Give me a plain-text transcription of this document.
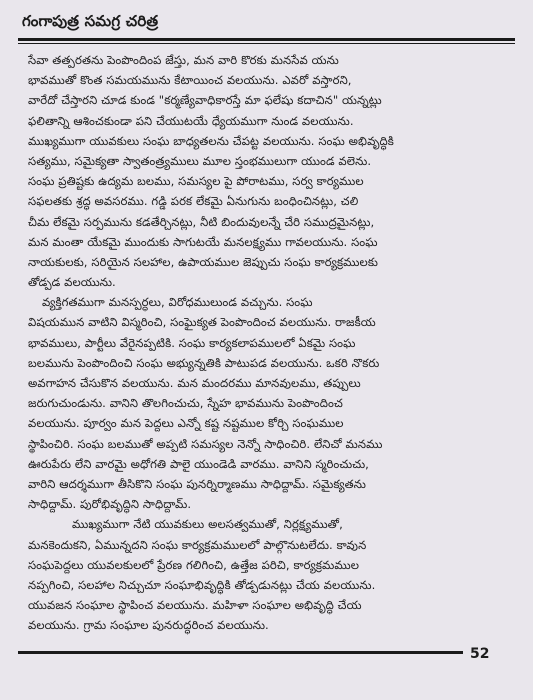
గంగాపుత్ర సమగ్ర చరిత్ర
సేవా తత్పరతను పెంపొందింప జేస్తు, మన వారి కొరకు మనసేవ యను
భావముతో కొంత సమయమును కేటాయించ వలయును. ఎవరో వస్తారని,
వారేదో చేస్తారని చూడ కుండ "కర్మణ్యేవాధికారస్తే మా ఫలేషు కదాచిన" యన్నట్లు
ఫలితాన్ని ఆశించకుండా పని చేయుటయే ధ్యేయముగా నుండ వలయును.
ముఖ్యముగా యువకులు సంఘ బాధ్యతలను చేపట్ట వలయును. సంఘ అభివృద్ధికి
సత్యము, సమైక్యతా స్వాతంత్ర్యములు మూల స్తంభములుగా యుండ వలెను.
సంఘ ప్రతిష్టకు ఉద్యమ బలము, సమస్యల పై పోరాటము, సర్వ కార్యముల
సఫలతకు శ్రద్ధ అవసరము. గడ్డి పరక లేకమై ఏనుగును బంధించినట్లు, చలి
చీమ లేకమై సర్పమును కడతేర్చినట్లు, నీటి బిందువులన్నే చేరి సముద్రమైనట్లు,
మన మంతా యేకమై ముందుకు సాగుటయే మనలక్ష్యము గావలయును. సంఘ
నాయకులకు, సరియైన సలహాల, ఉపాయముల జెప్పుచు సంఘ కార్యక్రములకు
తోడ్పడ వలయును.
వ్యక్తిగతముగా మనస్పర్ధలు, విరోధములుండ వచ్చును. సంఘ
విషయమున వాటిని విస్మరించి, సంఘైక్యత పెంపొందించ వలయును. రాజకీయ
భావములు, పార్టీలు వేరైనప్పటికి. సంఘ కార్యకలాపములలో ఏకమై సంఘ
బలమును పెంపొందించి సంఘ అభ్యున్నతికి పాటుపడ వలయును. ఒకరి నొకరు
అవగాహన చేసుకొన వలయును. మన మందరము మానవులము, తప్పులు
జరుగుచుండును. వానిని తొలగించుచు, స్నేహ భావమును పెంపొందించ
వలయును. పూర్వం మన పెద్దలు ఎన్నో కష్ట నష్టముల కోర్చి సంఘముల
స్థాపించిరి. సంఘ బలముతో అప్పటి సమస్యల నెన్నో సాధించిరి. లేనిచో మనము
ఊరుపేరు లేని వారమై అధోగతి పాలై యుండెడి వారము. వానిని స్మరించుచు,
వారిని ఆదర్శముగా తీసికొని సంఘ పునర్నిర్మాణము సాధిద్దామ్. సమైక్యతను
సాధిద్దామ్. పురోభివృద్ధిని సాధిద్దామ్.
ముఖ్యముగా నేటి యువకులు అలసత్వముతో, నిర్లక్ష్యముతో,
మనకెందుకని, ఏమున్నదని సంఘ కార్యక్రమములలో పాల్గొనుటలేదు. కావున
సంఘపెద్దలు యువలకులలో ప్రేరణ గలిగించి, ఉత్తేజ పరిచి, కార్యక్రమముల
నప్పగించి, సలహాల నిచ్చుచూ సంఘాభివృద్ధికి తోడ్పడునట్లు చేయ వలయును.
యువజన సంఘాల స్థాపించ వలయును. మహిళా సంఘాల అభివృద్ధి చేయ
వలయును. గ్రామ సంఘాల పునరుద్ధరించ వలయును.
52
